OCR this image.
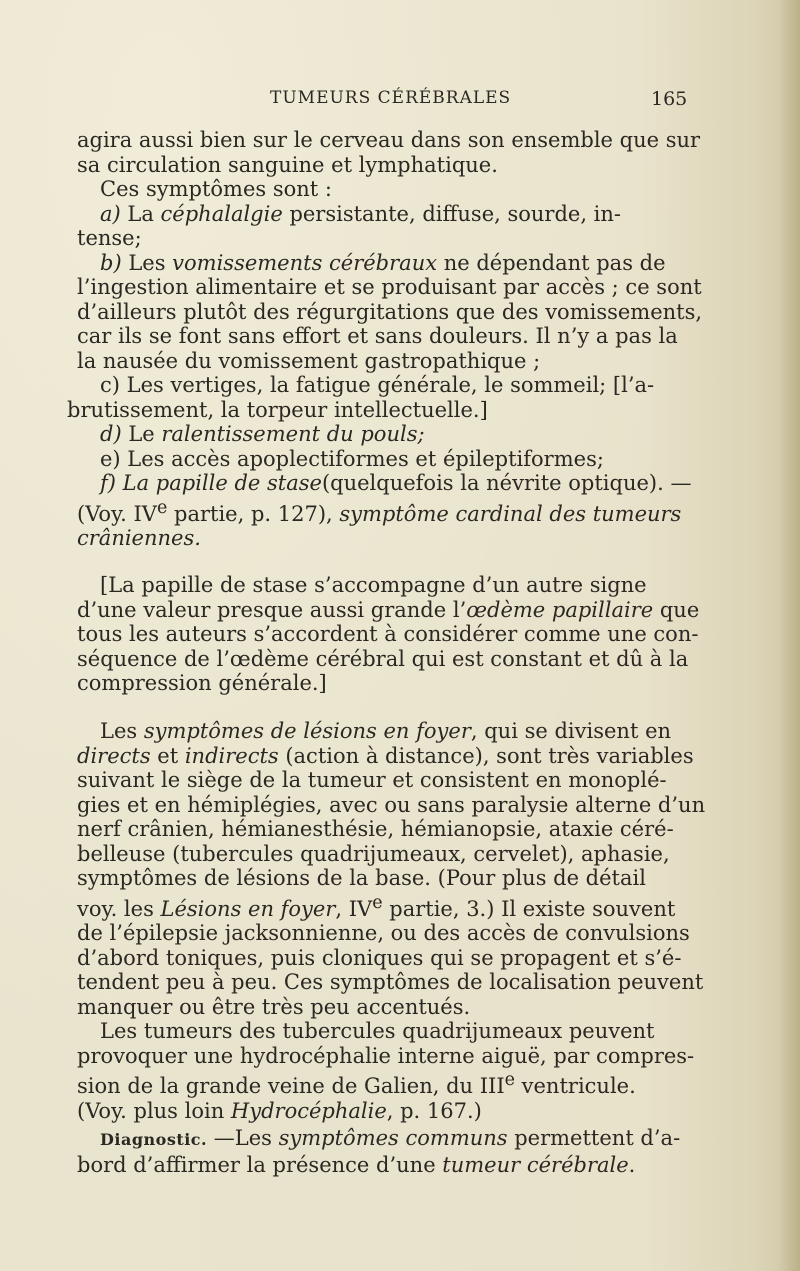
TUMEURS CÉRÉBRALES	165
agira aussi bien sur le cerveau dans son ensemble que sur
sa circulation sanguine et lymphatique.
Ces symptômes sont :
a) La céphalalgie persistante, diffuse, sourde, in-
tense;
b) Les vomissements cérébraux ne dépendant pas de
l’ingestion alimentaire et se produisant par accès ; ce sont
d’ailleurs plutôt des régurgitations que des vomissements,
car ils se font sans effort et sans douleurs. Il n’y a pas la
la nausée du vomissement gastropathique ;
c) Les vertiges, la fatigue générale, le sommeil; [l’a-
brutissement, la torpeur intellectuelle.]
d) Le ralentissement du pouls;
e) Les accès apoplectiformes et épileptiformes;
f) La papille de stase(quelquefois la névrite optique). —
(Voy. IVe partie, p. 127), symptôme cardinal des tumeurs
crâniennes.
[La papille de stase s’accompagne d’un autre signe
d’une valeur presque aussi grande l’œdème papillaire que
tous les auteurs s’accordent à considérer comme une con-
séquence de l’œdème cérébral qui est constant et dû à la
compression générale.]
Les symptômes de lésions en foyer, qui se divisent en
directs et indirects (action à distance), sont très variables
suivant le siège de la tumeur et consistent en monoplé-
gies et en hémiplégies, avec ou sans paralysie alterne d’un
nerf crânien, hémianesthésie, hémianopsie, ataxie céré-
belleuse (tubercules quadrijumeaux, cervelet), aphasie,
symptômes de lésions de la base. (Pour plus de détail
voy. les Lésions en foyer, IVe partie, 3.) Il existe souvent
de l’épilepsie jacksonnienne, ou des accès de convulsions
d’abord toniques, puis cloniques qui se propagent et s’é-
tendent peu à peu. Ces symptômes de localisation peuvent
manquer ou être très peu accentués.
Les tumeurs des tubercules quadrijumeaux peuvent
provoquer une hydrocéphalie interne aiguë, par compres-
sion de la grande veine de Galien, du IIIe ventricule.
(Voy. plus loin Hydrocéphalie, p. 167.)
Diagnostic. —Les symptômes communs permettent d’a-
bord d’affirmer la présence d’une tumeur cérébrale.
